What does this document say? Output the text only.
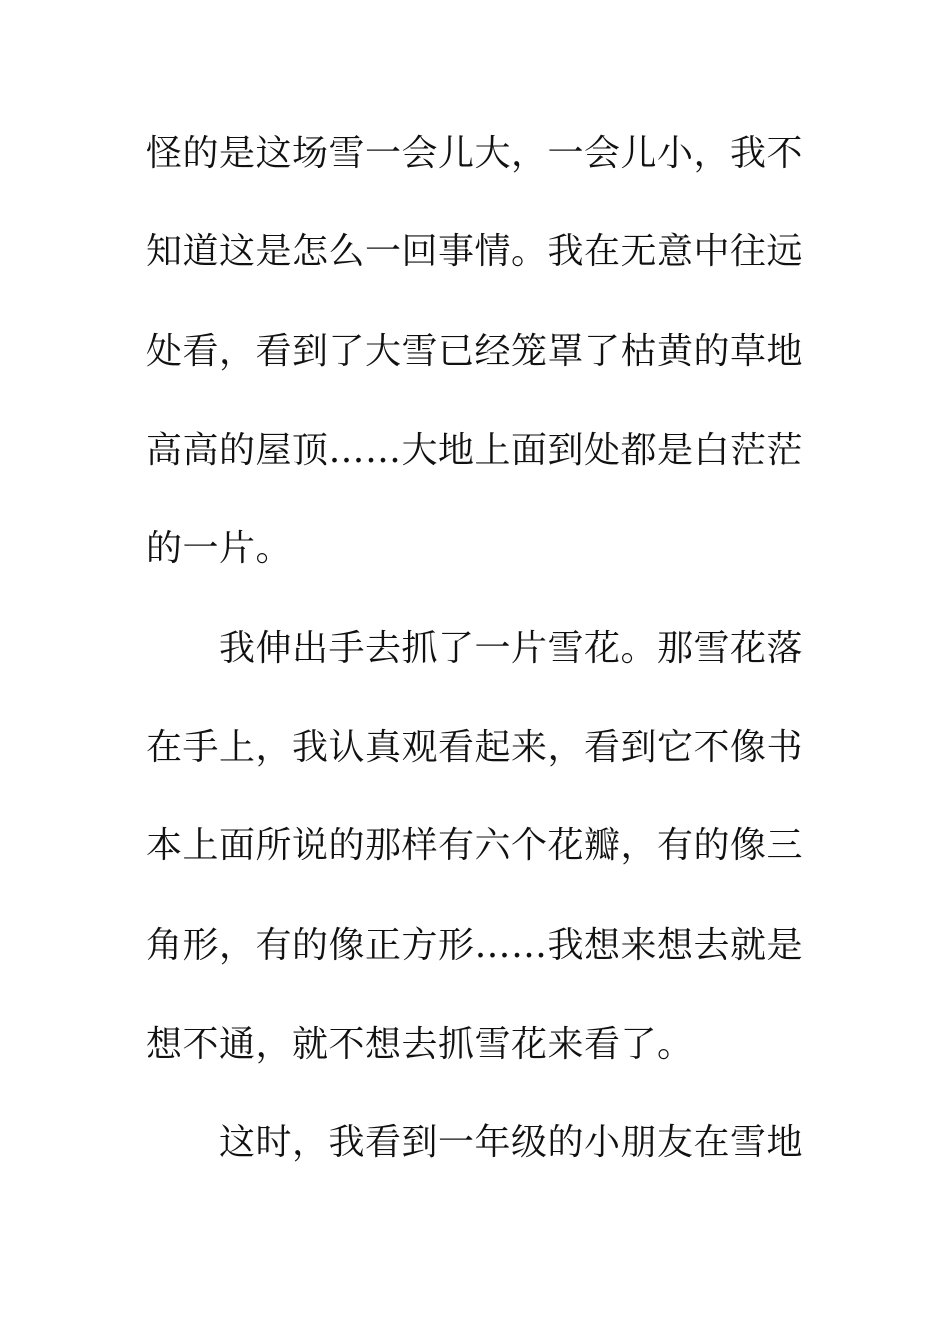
怪的是这场雪一会儿大，一会儿小，我不
知道这是怎么一回事情。我在无意中往远
处看，看到了大雪已经笼罩了枯黄的草地
高高的屋顶……大地上面到处都是白茫茫
的一片。
我伸出手去抓了一片雪花。那雪花落
在手上，我认真观看起来，看到它不像书
本上面所说的那样有六个花瓣，有的像三
角形，有的像正方形……我想来想去就是
想不通，就不想去抓雪花来看了。
这时，我看到一年级的小朋友在雪地
